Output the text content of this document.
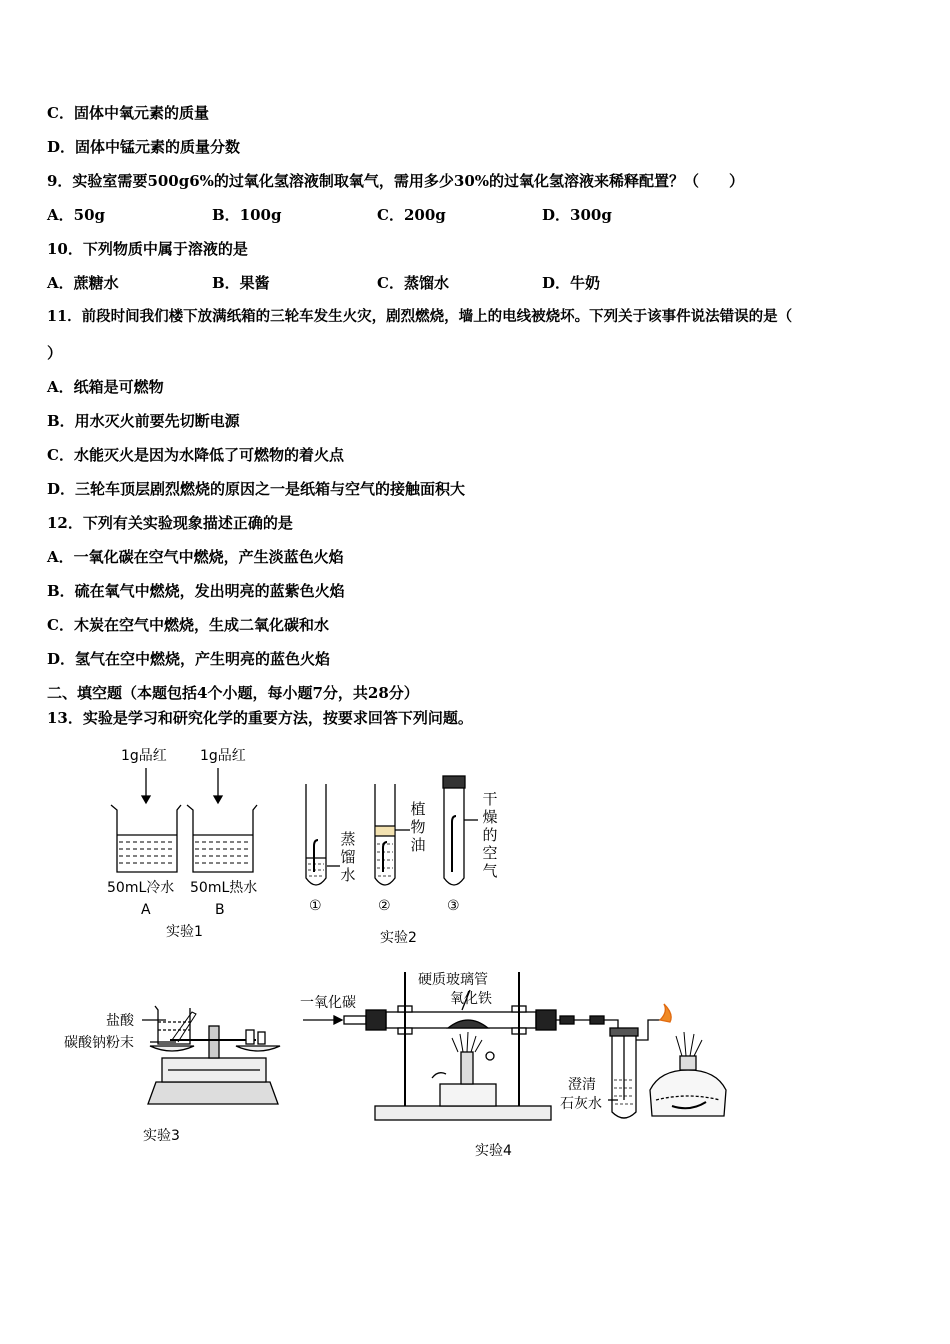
C．固体中氧元素的质量
D．固体中锰元素的质量分数
9．实验室需要500g6%的过氧化氢溶液制取氧气，需用多少30%的过氧化氢溶液来稀释配置？（　　）
A．50g	B．100g	C．200g	D．300g
10．下列物质中属于溶液的是
A．蔗糖水	B．果酱	C．蒸馏水	D．牛奶
11．前段时间我们楼下放满纸箱的三轮车发生火灾，剧烈燃烧，墙上的电线被烧坏。下列关于该事件说法错误的是（
）
A．纸箱是可燃物
B．用水灭火前要先切断电源
C．水能灭火是因为水降低了可燃物的着火点
D．三轮车顶层剧烈燃烧的原因之一是纸箱与空气的接触面积大
12．下列有关实验现象描述正确的是
A．一氧化碳在空气中燃烧，产生淡蓝色火焰
B．硫在氧气中燃烧，发出明亮的蓝紫色火焰
C．木炭在空气中燃烧，生成二氧化碳和水
D．氢气在空中燃烧，产生明亮的蓝色火焰
二、填空题（本题包括4个小题，每小题7分，共28分）
13．实验是学习和研究化学的重要方法，按要求回答下列问题。
1g品红 1g品红
50mL冷水 50mL热水
A	B
实验1
蒸馏水
植物油
干燥的空气
①	②	③
实验2
盐酸
碳酸钠粉末
实验3
一氧化碳
硬质玻璃管
氧化铁
澄清
石灰水
实验4
